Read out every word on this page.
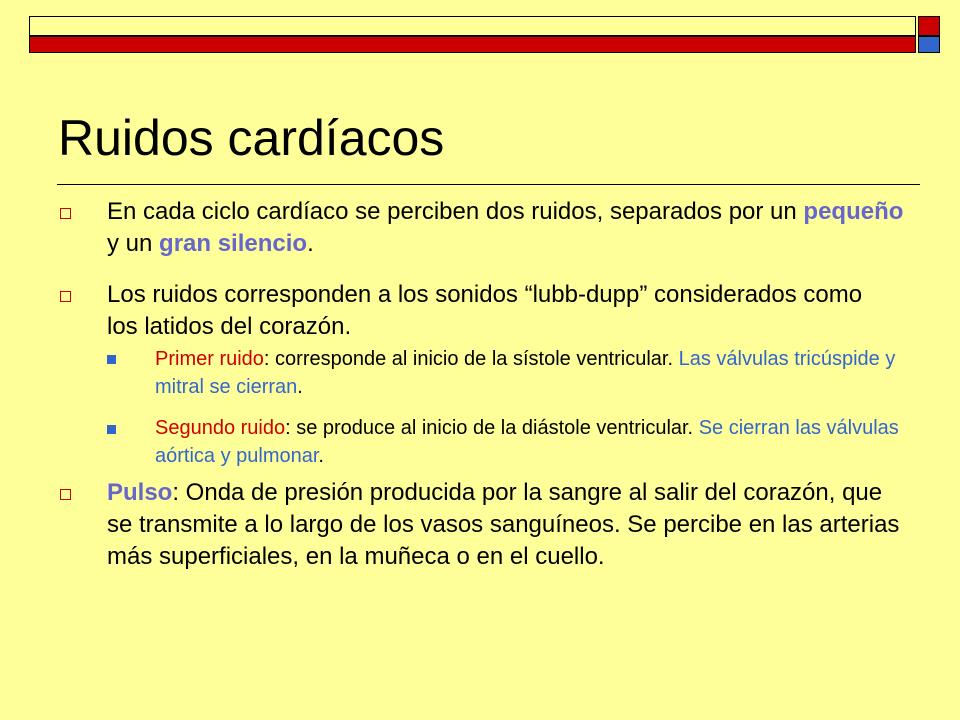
Ruidos cardíacos
En cada ciclo cardíaco se perciben dos ruidos, separados por un pequeño y un gran silencio.
Los ruidos corresponden a los sonidos “lubb-dupp” considerados como los latidos del corazón.
Primer ruido: corresponde al inicio de la sístole ventricular. Las válvulas tricúspide y mitral se cierran.
Segundo ruido: se produce al inicio de la diástole ventricular. Se cierran las válvulas aórtica y pulmonar.
Pulso: Onda de presión producida por la sangre al salir del corazón, que se transmite a lo largo de los vasos sanguíneos. Se percibe en las arterias más superficiales, en la muñeca o en el cuello.
